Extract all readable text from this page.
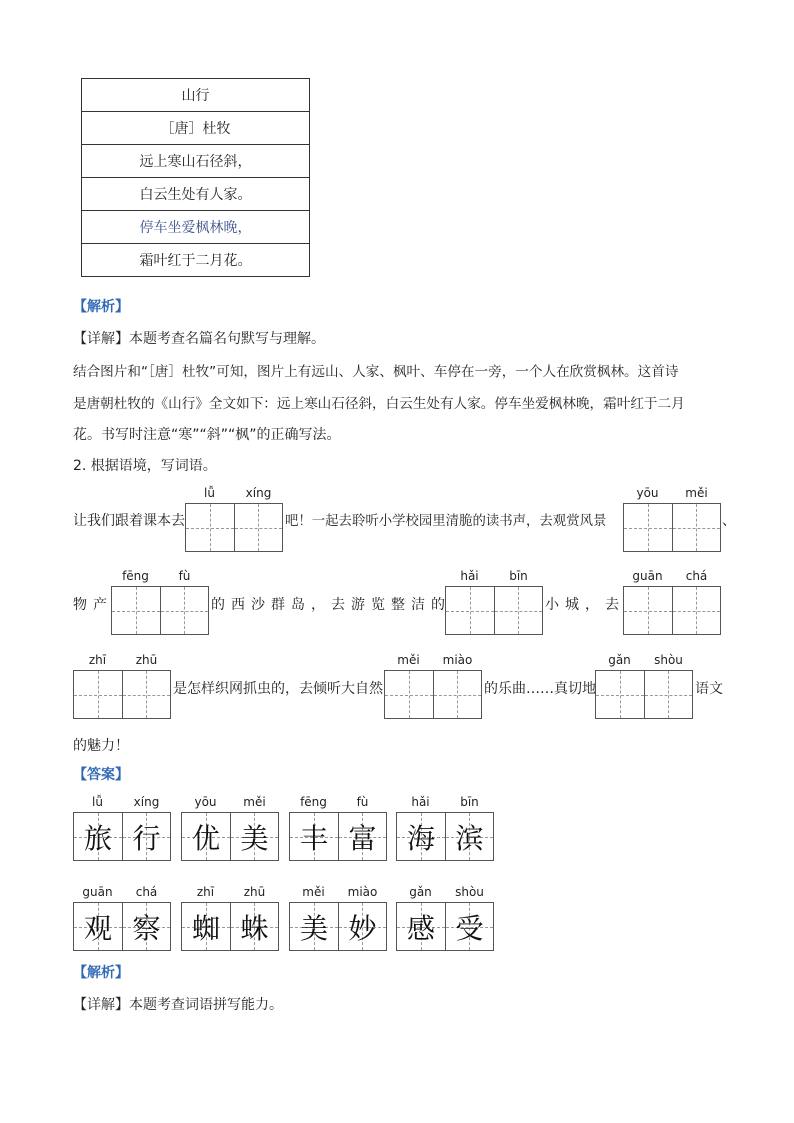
山行
［唐］杜牧
远上寒山石径斜，
白云生处有人家。
停车坐爱枫林晚，
霜叶红于二月花。
【解析】
【详解】本题考查名篇名句默写与理解。
结合图片和“［唐］杜牧”可知，图片上有远山、人家、枫叶、车停在一旁，一个人在欣赏枫林。这首诗
是唐朝杜牧的《山行》全文如下：远上寒山石径斜，白云生处有人家。停车坐爱枫林晚，霜叶红于二月
花。书写时注意“寒”“斜”“枫”的正确写法。
2. 根据语境，写词语。
lǚ	xíng	yōu	měi
让我们跟着课本去	吧！一起去聆听小学校园里清脆的读书声，去观赏风景	、
物产
fēng	fù
的西沙群岛，去游览整洁的
hǎi	bīn
小城，去
guān	chá
zhī	zhū
是怎样织网抓虫的，去倾听大自然
měi	miào
的乐曲……真切地
gǎn	shòu
语文
的魅力！
【答案】
lǚ	xíng
旅 行
yōu	měi
优 美
fēng	fù
丰 富
hǎi	bīn
海 滨
guān	chá
观 察
zhī	zhū
蜘 蛛
měi	miào
美 妙
gǎn	shòu
感 受
【解析】
【详解】本题考查词语拼写能力。
